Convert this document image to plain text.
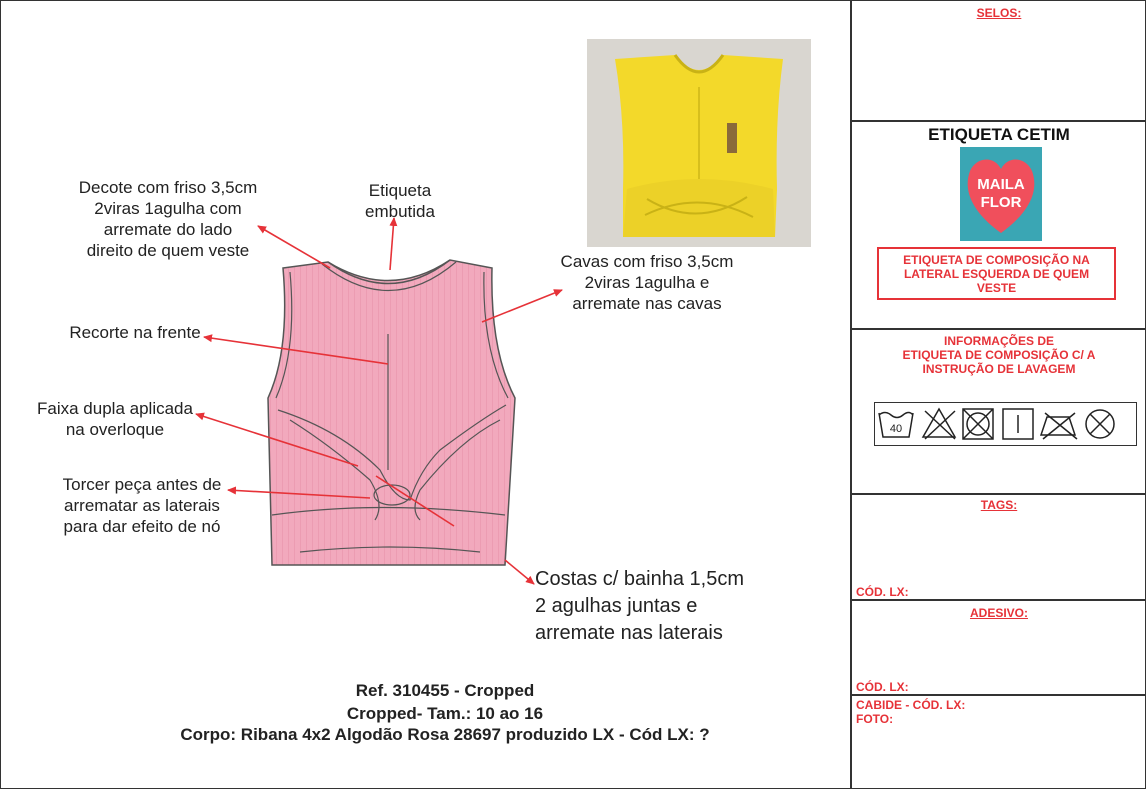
Decote com friso 3,5cm
2viras 1agulha com
arremate do lado
direito de quem veste
Etiqueta
embutida
Cavas com friso 3,5cm
2viras 1agulha e
arremate nas cavas
Recorte na frente
Faixa dupla aplicada
na overloque
Torcer peça antes de
arrematar as laterais
para dar efeito de nó
Costas c/ bainha 1,5cm
2 agulhas juntas e
arremate nas laterais
Ref. 310455 - Cropped
Cropped- Tam.: 10 ao 16
Corpo: Ribana 4x2 Algodão Rosa 28697 produzido LX - Cód LX: ?
SELOS:
ETIQUETA CETIM
MAILA
FLOR
ETIQUETA DE COMPOSIÇÃO NA
LATERAL ESQUERDA DE QUEM
VESTE
INFORMAÇÕES DE
ETIQUETA DE COMPOSIÇÃO C/ A
INSTRUÇÃO DE LAVAGEM
40
TAGS:
CÓD. LX:
ADESIVO:
CÓD. LX:
CABIDE - CÓD. LX:
FOTO:
